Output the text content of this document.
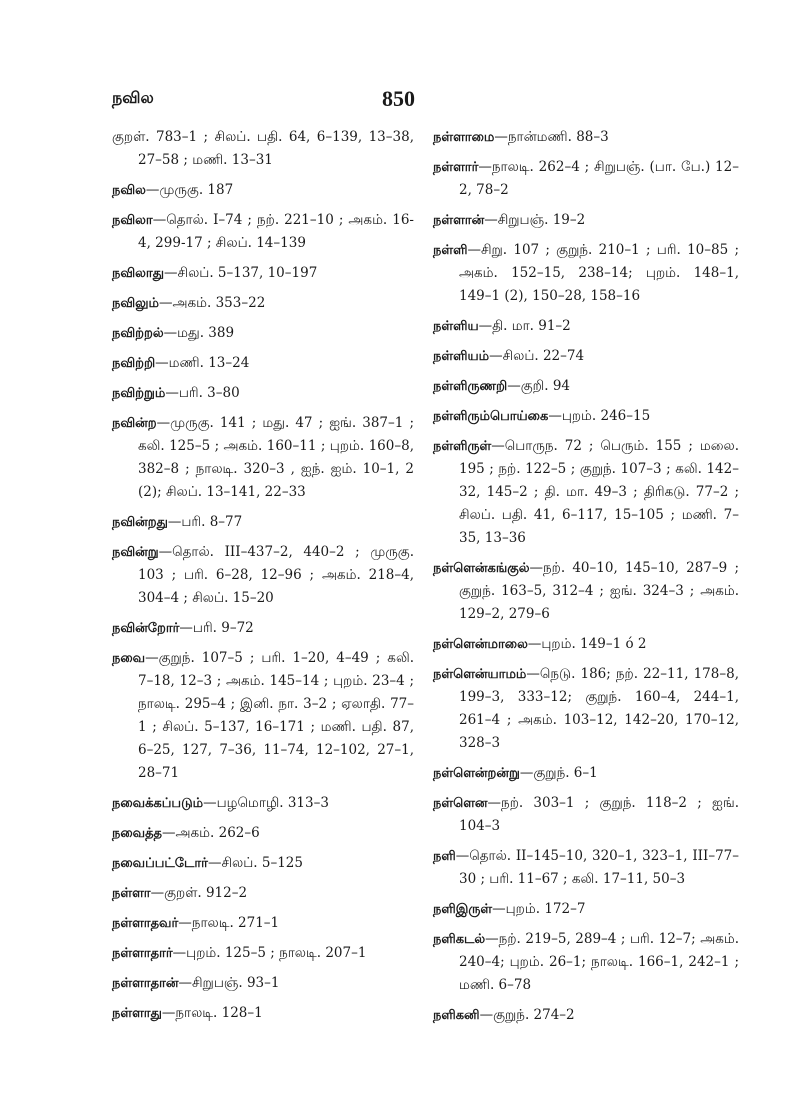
நவில	850
குறள். 783–1 ; சிலப். பதி. 64, 6–139, 13–38, 27–58 ; மணி. 13–31
நவில—முருகு. 187
நவிலா—தொல். I–74 ; நற். 221–10 ; அகம். 16-4, 299-17 ; சிலப். 14–139
நவிலாது—சிலப். 5–137, 10–197
நவிலும்—அகம். 353–22
நவிற்றல்—மது. 389
நவிற்றி—மணி. 13–24
நவிற்றும்—பரி. 3–80
நவின்ற—முருகு. 141 ; மது. 47 ; ஐங். 387–1 ; கலி. 125–5 ; அகம். 160–11 ; புறம். 160–8, 382–8 ; நாலடி. 320–3 , ஐந். ஐம். 10–1, 2 (2); சிலப். 13–141, 22–33
நவின்றது—பரி. 8–77
நவின்று—தொல். III–437–2, 440–2 ; முருகு. 103 ; பரி. 6–28, 12–96 ; அகம். 218–4, 304–4 ; சிலப். 15–20
நவின்றோர்—பரி. 9–72
நவை—குறுந். 107–5 ; பரி. 1–20, 4–49 ; கலி. 7–18, 12–3 ; அகம். 145–14 ; புறம். 23–4 ; நாலடி. 295–4 ; இனி. நா. 3–2 ; ஏலாதி. 77–1 ; சிலப். 5–137, 16–171 ; மணி. பதி. 87, 6–25, 127, 7–36, 11–74, 12–102, 27–1, 28–71
நவைக்கப்படும்—பழமொழி. 313–3
நவைத்த—அகம். 262–6
நவைப்பட்டோர்—சிலப். 5–125
நள்ளா—குறள். 912–2
நள்ளாதவர்—நாலடி. 271–1
நள்ளாதார்—புறம். 125–5 ; நாலடி. 207–1
நள்ளாதான்—சிறுபஞ். 93–1
நள்ளாது—நாலடி. 128–1
நள்ளாமை—நான்மணி. 88–3
நள்ளார்—நாலடி. 262–4 ; சிறுபஞ். (பா. பே.) 12–2, 78–2
நள்ளான்—சிறுபஞ். 19–2
நள்ளி—சிறு. 107 ; குறுந். 210–1 ; பரி. 10–85 ; அகம். 152–15, 238–14; புறம். 148–1, 149–1 (2), 150–28, 158–16
நள்ளிய—தி. மா. 91–2
நள்ளியம்—சிலப். 22–74
நள்ளிருணறி—குறி. 94
நள்ளிரும்பொய்கை—புறம். 246–15
நள்ளிருள்—பொருந. 72 ; பெரும். 155 ; மலை. 195 ; நற். 122–5 ; குறுந். 107–3 ; கலி. 142–32, 145–2 ; தி. மா. 49–3 ; திரிகடு. 77–2 ; சிலப். பதி. 41, 6–117, 15–105 ; மணி. 7–35, 13–36
நள்ளென்கங்குல்—நற். 40–10, 145–10, 287–9 ; குறுந். 163–5, 312–4 ; ஐங். 324–3 ; அகம். 129–2, 279–6
நள்ளென்மாலை—புறம். 149–1 ó 2
நள்ளென்யாமம்—நெடு. 186; நற். 22–11, 178–8, 199–3, 333–12; குறுந். 160–4, 244–1, 261–4 ; அகம். 103–12, 142–20, 170–12, 328–3
நள்ளென்றன்று—குறுந். 6–1
நள்ளென—நற். 303–1 ; குறுந். 118–2 ; ஐங். 104–3
நளி—தொல். II–145–10, 320–1, 323–1, III–77–30 ; பரி. 11–67 ; கலி. 17–11, 50–3
நளிஇருள்—புறம். 172–7
நளிகடல்—நற். 219–5, 289–4 ; பரி. 12–7; அகம். 240–4; புறம். 26–1; நாலடி. 166–1, 242–1 ; மணி. 6–78
நளிகனி—குறுந். 274–2
